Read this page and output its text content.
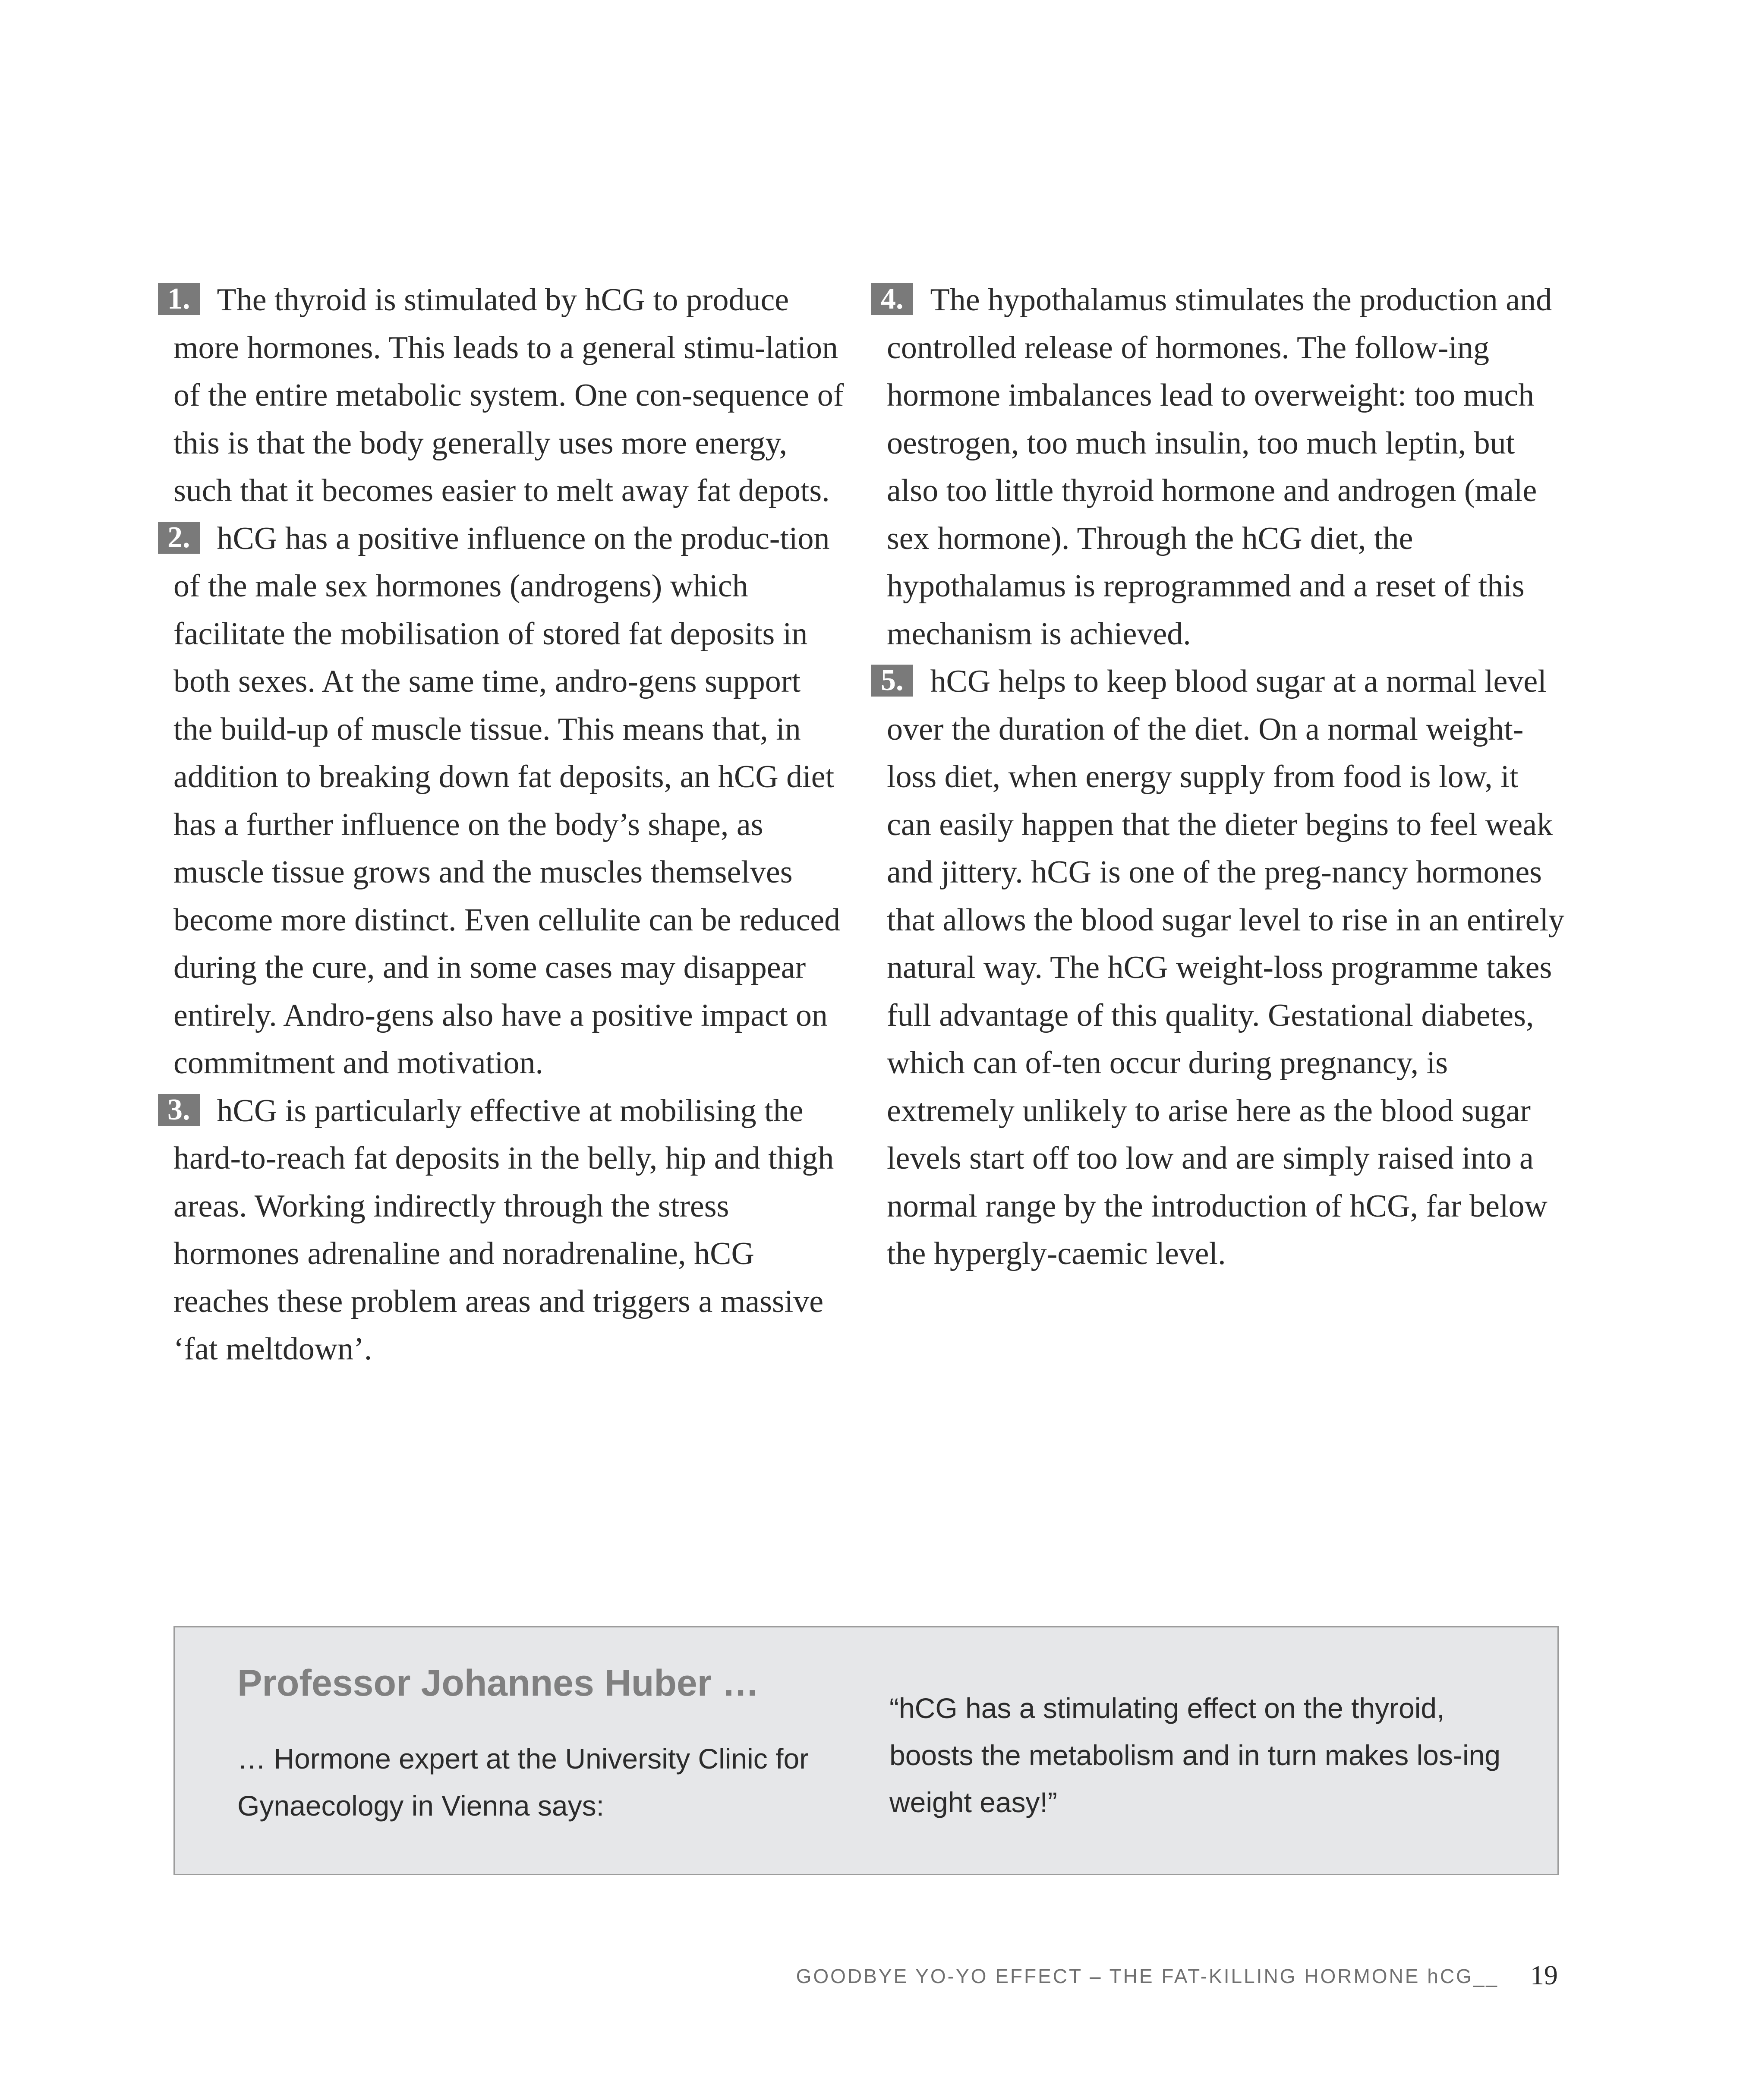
1. The thyroid is stimulated by hCG to produce more hormones. This leads to a general stimu-lation of the entire metabolic system. One con-sequence of this is that the body generally uses more energy, such that it becomes easier to melt away fat depots.

2. hCG has a positive influence on the produc-tion of the male sex hormones (androgens) which facilitate the mobilisation of stored fat deposits in both sexes. At the same time, andro-gens support the build-up of muscle tissue. This means that, in addition to breaking down fat deposits, an hCG diet has a further influence on the body’s shape, as muscle tissue grows and the muscles themselves become more distinct. Even cellulite can be reduced during the cure, and in some cases may disappear entirely. Andro-gens also have a positive impact on commitment and motivation.

3. hCG is particularly effective at mobilising the hard-to-reach fat deposits in the belly, hip and thigh areas. Working indirectly through the stress hormones adrenaline and noradrenaline, hCG reaches these problem areas and triggers a massive ‘fat meltdown’.

4. The hypothalamus stimulates the production and controlled release of hormones. The follow-ing hormone imbalances lead to overweight: too much oestrogen, too much insulin, too much leptin, but also too little thyroid hormone and androgen (male sex hormone). Through the hCG diet, the hypothalamus is reprogrammed and a reset of this mechanism is achieved.

5. hCG helps to keep blood sugar at a normal level over the duration of the diet. On a normal weight-loss diet, when energy supply from food is low, it can easily happen that the dieter begins to feel weak and jittery. hCG is one of the preg-nancy hormones that allows the blood sugar level to rise in an entirely natural way. The hCG weight-loss programme takes full advantage of this quality. Gestational diabetes, which can of-ten occur during pregnancy, is extremely unlikely to arise here as the blood sugar levels start off too low and are simply raised into a normal range by the introduction of hCG, far below the hypergly-caemic level.

Professor Johannes Huber …
… Hormone expert at the University Clinic for Gynaecology in Vienna says:
“hCG has a stimulating effect on the thyroid, boosts the metabolism and in turn makes los-ing weight easy!”
GOODBYE YO-YO EFFECT – THE FAT-KILLING HORMONE hCG__ 19
